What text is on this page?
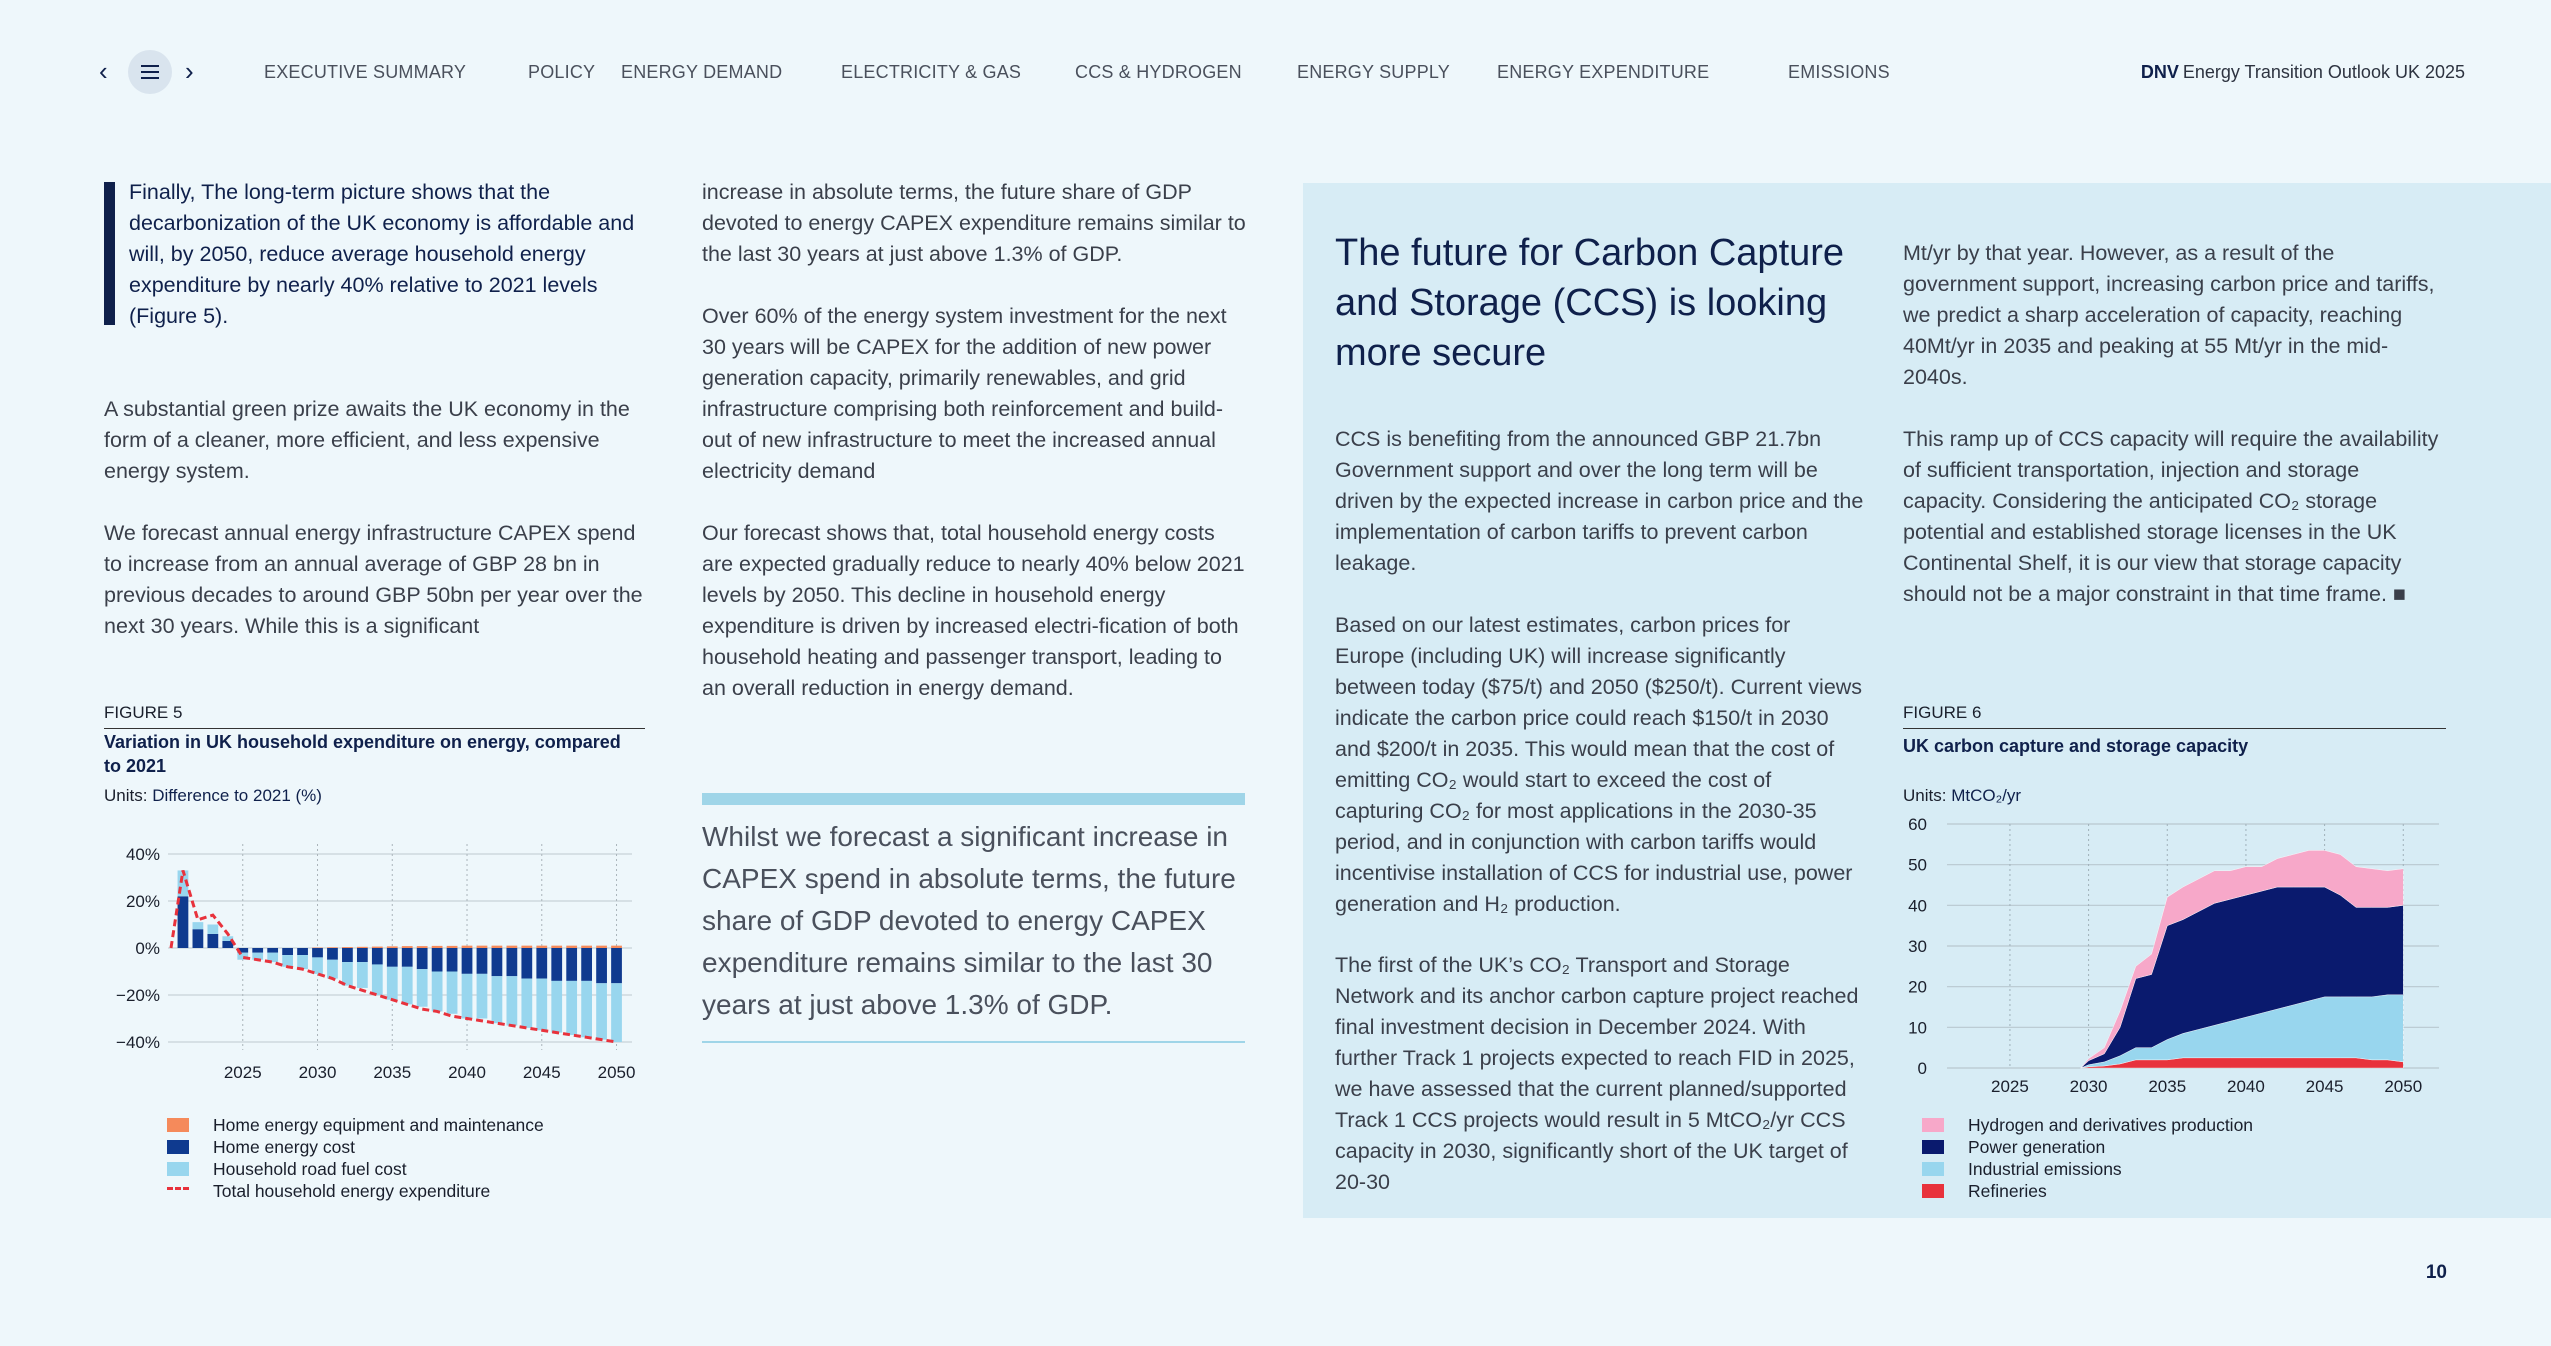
‹	›	EXECUTIVE SUMMARY	POLICY ENERGY DEMAND	ELECTRICITY & GAS	CCS & HYDROGEN	ENERGY SUPPLY	ENERGY EXPENDITURE	EMISSIONS	DNV Energy Transition Outlook UK 2025
Finally, The long-term picture shows that the decarbonization of the UK economy is affordable and will, by 2050, reduce average household energy expenditure by nearly 40% relative to 2021 levels (Figure 5).
A substantial green prize awaits the UK economy in the form of a cleaner, more efficient, and less expensive energy system.
We forecast annual energy infrastructure CAPEX spend to increase from an annual average of GBP 28 bn in previous decades to around GBP 50bn per year over the next 30 years. While this is a significant
FIGURE 5
Variation in UK household expenditure on energy, compared to 2021
Units: Difference to 2021 (%)
40%
20%
0%
−20%
−40%
2025 2030 2035 2040 2045 2050
Home energy equipment and maintenance
Home energy cost
Household road fuel cost
Total household energy expenditure
increase in absolute terms, the future share of GDP devoted to energy CAPEX expenditure remains similar to the last 30 years at just above 1.3% of GDP.
Over 60% of the energy system investment for the next 30 years will be CAPEX for the addition of new power generation capacity, primarily renewables, and grid infrastructure comprising both reinforcement and build-out of new infrastructure to meet the increased annual electricity demand
Our forecast shows that, total household energy costs are expected gradually reduce to nearly 40% below 2021 levels by 2050. This decline in household energy expenditure is driven by increased electri-fication of both household heating and passenger transport, leading to an overall reduction in energy demand.
Whilst we forecast a significant increase in CAPEX spend in absolute terms, the future share of GDP devoted to energy CAPEX expenditure remains similar to the last 30 years at just above 1.3% of GDP.
The future for Carbon Capture and Storage (CCS) is looking more secure
CCS is benefiting from the announced GBP 21.7bn Government support and over the long term will be driven by the expected increase in carbon price and the implementation of carbon tariffs to prevent carbon leakage.
Based on our latest estimates, carbon prices for Europe (including UK) will increase significantly between today ($75/t) and 2050 ($250/t). Current views indicate the carbon price could reach $150/t in 2030 and $200/t in 2035. This would mean that the cost of emitting CO₂ would start to exceed the cost of capturing CO₂ for most applications in the 2030-35 period, and in conjunction with carbon tariffs would incentivise installation of CCS for industrial use, power generation and H₂ production.
The first of the UK’s CO₂ Transport and Storage Network and its anchor carbon capture project reached final investment decision in December 2024. With further Track 1 projects expected to reach FID in 2025, we have assessed that the current planned/supported Track 1 CCS projects would result in 5 MtCO₂/yr CCS capacity in 2030, significantly short of the UK target of 20-30
Mt/yr by that year. However, as a result of the government support, increasing carbon price and tariffs, we predict a sharp acceleration of capacity, reaching 40Mt/yr in 2035 and peaking at 55 Mt/yr in the mid-2040s.
This ramp up of CCS capacity will require the availability of sufficient transportation, injection and storage capacity. Considering the anticipated CO₂ storage potential and established storage licenses in the UK Continental Shelf, it is our view that storage capacity should not be a major constraint in that time frame. ■
FIGURE 6
UK carbon capture and storage capacity
Units: MtCO₂/yr
60
50
40
30
20
10
0
2025 2030 2035 2040 2045 2050
Hydrogen and derivatives production
Power generation
Industrial emissions
Refineries
10
